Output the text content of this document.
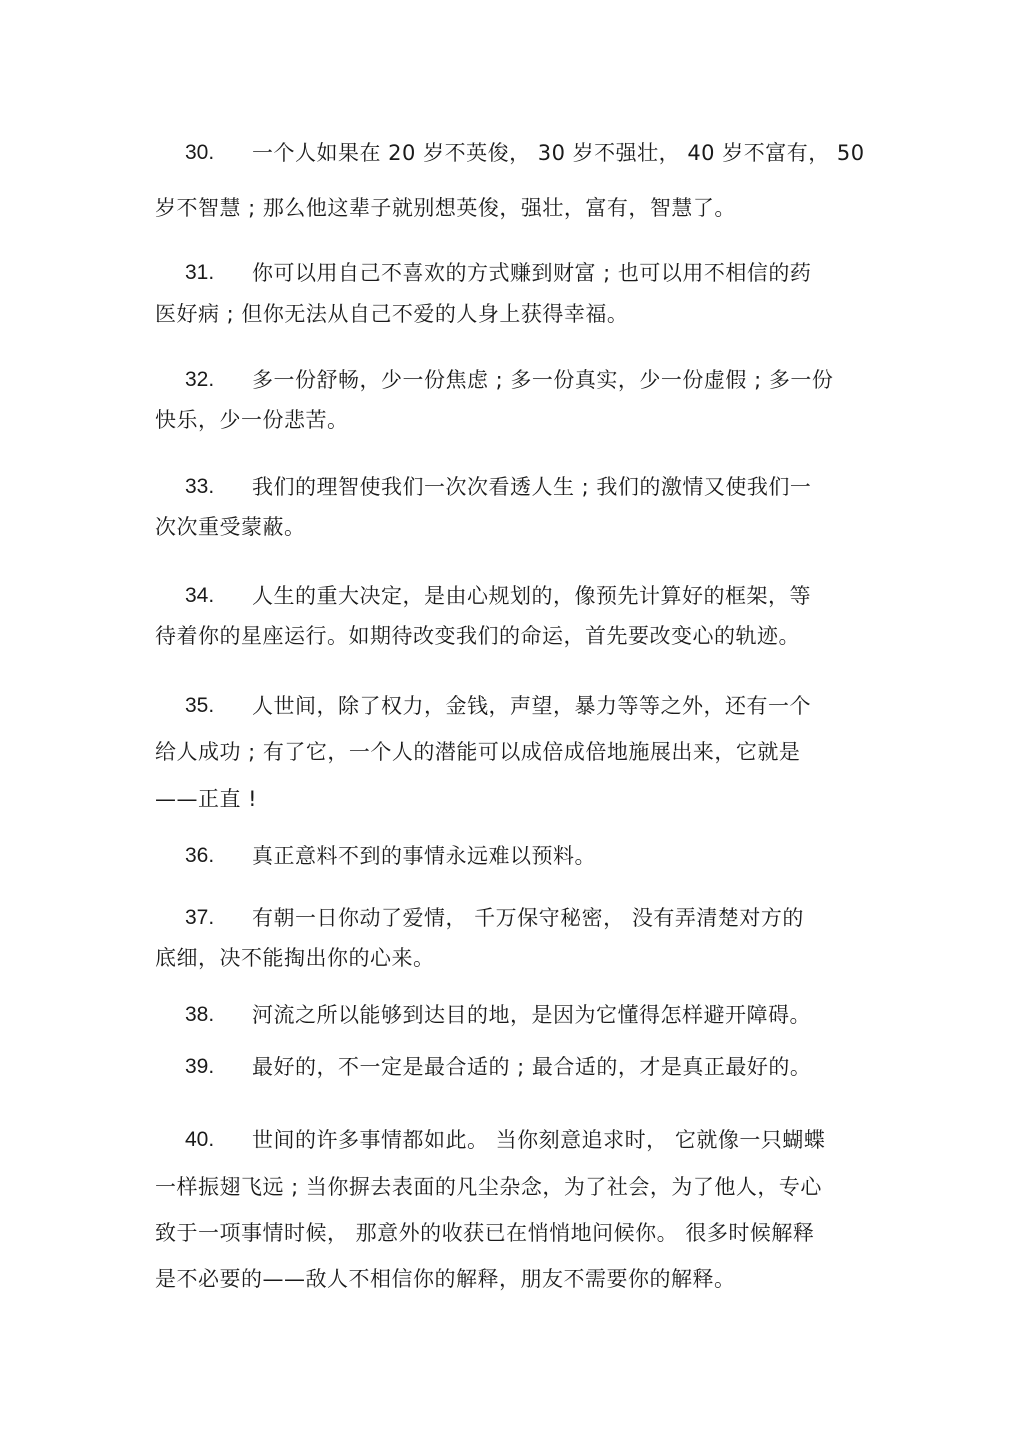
30. 一个人如果在 20 岁不英俊， 30 岁不强壮， 40 岁不富有， 50
岁不智慧 ; 那么他这辈子就别想英俊，强壮，富有，智慧了。
31. 你可以用自己不喜欢的方式赚到财富 ; 也可以用不相信的药
医好病 ; 但你无法从自己不爱的人身上获得幸福。
32. 多一份舒畅，少一份焦虑 ; 多一份真实，少一份虚假 ; 多一份
快乐，少一份悲苦。
33. 我们的理智使我们一次次看透人生 ; 我们的激情又使我们一
次次重受蒙蔽。
34. 人生的重大决定，是由心规划的，像预先计算好的框架，等
待着你的星座运行。如期待改变我们的命运，首先要改变心的轨迹。
35. 人世间，除了权力，金钱，声望，暴力等等之外，还有一个
给人成功 ; 有了它，一个人的潜能可以成倍成倍地施展出来，它就是
——正直 !
36. 真正意料不到的事情永远难以预料。
37. 有朝一日你动了爱情， 千万保守秘密， 没有弄清楚对方的
底细，决不能掏出你的心来。
38. 河流之所以能够到达目的地，是因为它懂得怎样避开障碍。
39. 最好的，不一定是最合适的 ; 最合适的，才是真正最好的。
40. 世间的许多事情都如此。 当你刻意追求时， 它就像一只蝴蝶
一样振翅飞远 ; 当你摒去表面的凡尘杂念，为了社会，为了他人，专心
致于一项事情时候， 那意外的收获已在悄悄地问候你。 很多时候解释
是不必要的——敌人不相信你的解释，朋友不需要你的解释。
